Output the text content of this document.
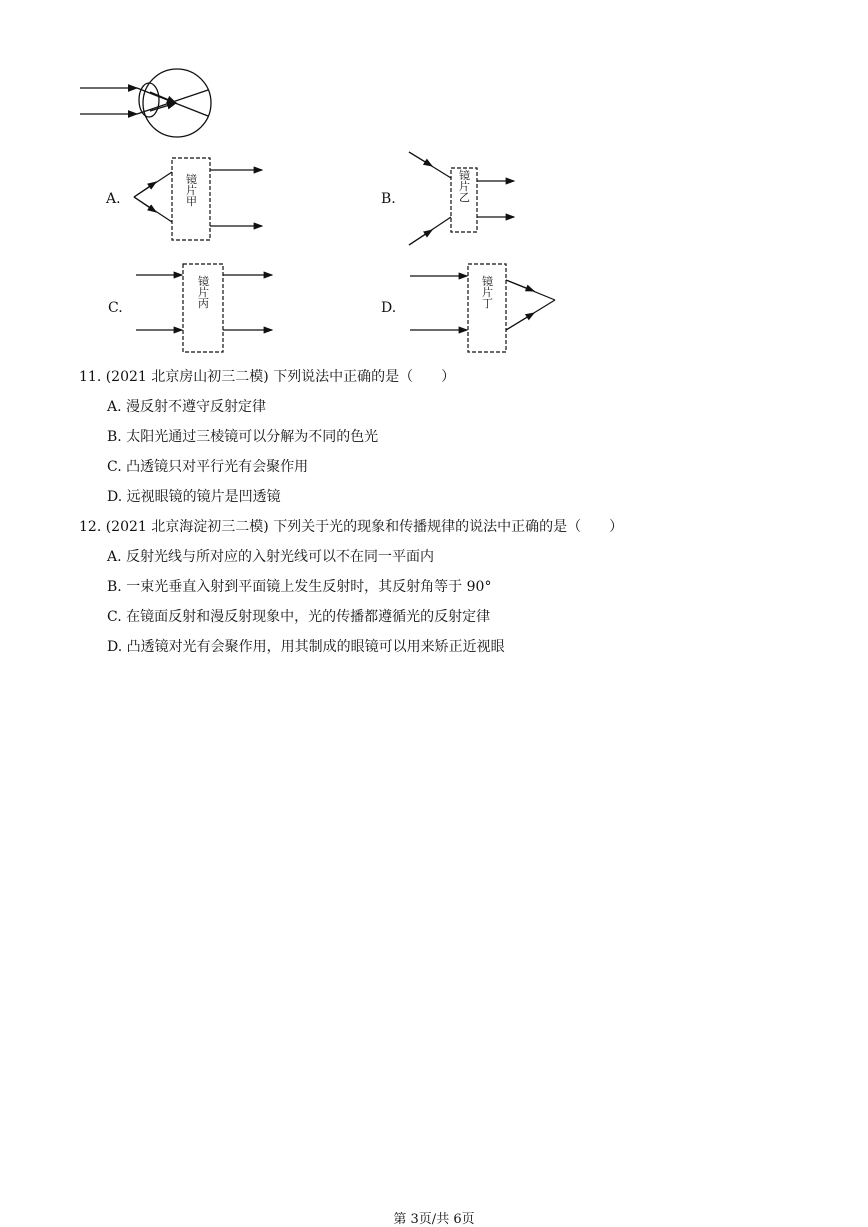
镜片甲	镜片乙
镜片丙	镜片丁
A.	B.
C.	D.
11. (2021 北京房山初三二模) 下列说法中正确的是（　　）
A. 漫反射不遵守反射定律
B. 太阳光通过三棱镜可以分解为不同的色光
C. 凸透镜只对平行光有会聚作用
D. 远视眼镜的镜片是凹透镜
12. (2021 北京海淀初三二模) 下列关于光的现象和传播规律的说法中正确的是（　　）
A. 反射光线与所对应的入射光线可以不在同一平面内
B. 一束光垂直入射到平面镜上发生反射时，其反射角等于 90°
C. 在镜面反射和漫反射现象中，光的传播都遵循光的反射定律
D. 凸透镜对光有会聚作用，用其制成的眼镜可以用来矫正近视眼
第 3页/共 6页
